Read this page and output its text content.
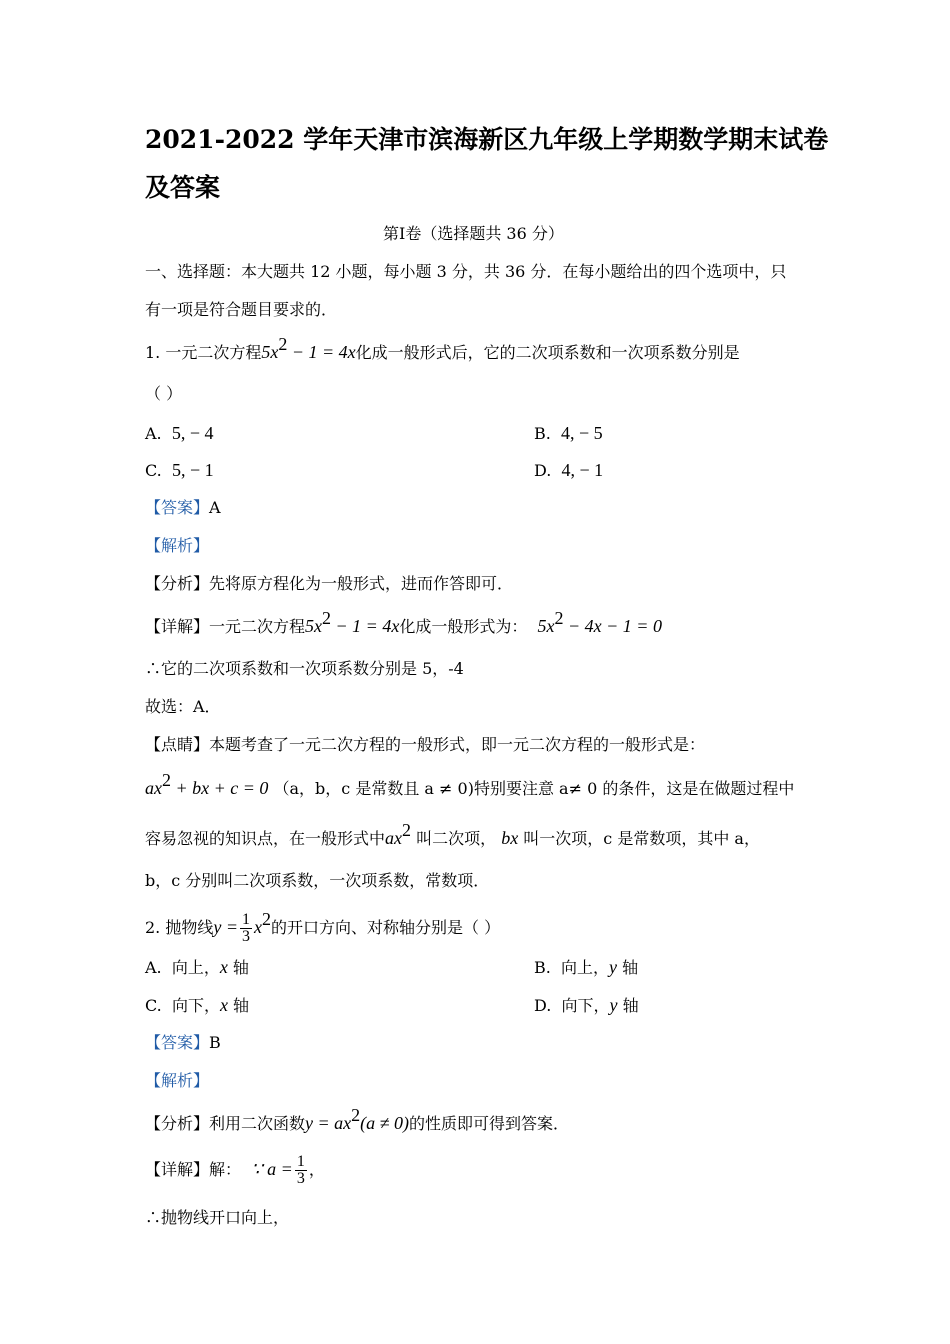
2021-2022 学年天津市滨海新区九年级上学期数学期末试卷
及答案
第Ⅰ卷（选择题共 36 分）
一、选择题：本大题共 12 小题，每小题 3 分，共 36 分．在每小题给出的四个选项中，只
有一项是符合题目要求的．
1. 一元二次方程$5x^2 - 1 = 4x$化成一般形式后，它的二次项系数和一次项系数分别是
（ ）
A. 5, − 4	B. 4, − 5
C. 5, − 1	D. 4, − 1
【答案】A
【解析】
【分析】先将原方程化为一般形式，进而作答即可．
【详解】一元二次方程$5x^2 - 1 = 4x$化成一般形式为： $5x^2 - 4x - 1 = 0$
∴它的二次项系数和一次项系数分别是 5，-4
故选：A．
【点睛】本题考查了一元二次方程的一般形式，即一元二次方程的一般形式是：
$ax^2$ + bx + c = 0 （a，b，c 是常数且 a ≠ 0)特别要注意 a≠ 0 的条件，这是在做题过程中
容易忽视的知识点，在一般形式中$ax^2$ 叫二次项， bx 叫一次项，c 是常数项，其中 a，
b，c 分别叫二次项系数，一次项系数，常数项．
2. 抛物线$y = \frac{1}{3} x^2$的开口方向、对称轴分别是（ ）
A. 向上，x 轴	B. 向上，y 轴
C. 向下，x 轴	D. 向下，y 轴
【答案】B
【解析】
【分析】利用二次函数$y = ax^2(a \ne 0)$的性质即可得到答案．
【详解】解： ∵ $a = \frac{1}{3}$ ，
∴抛物线开口向上，
